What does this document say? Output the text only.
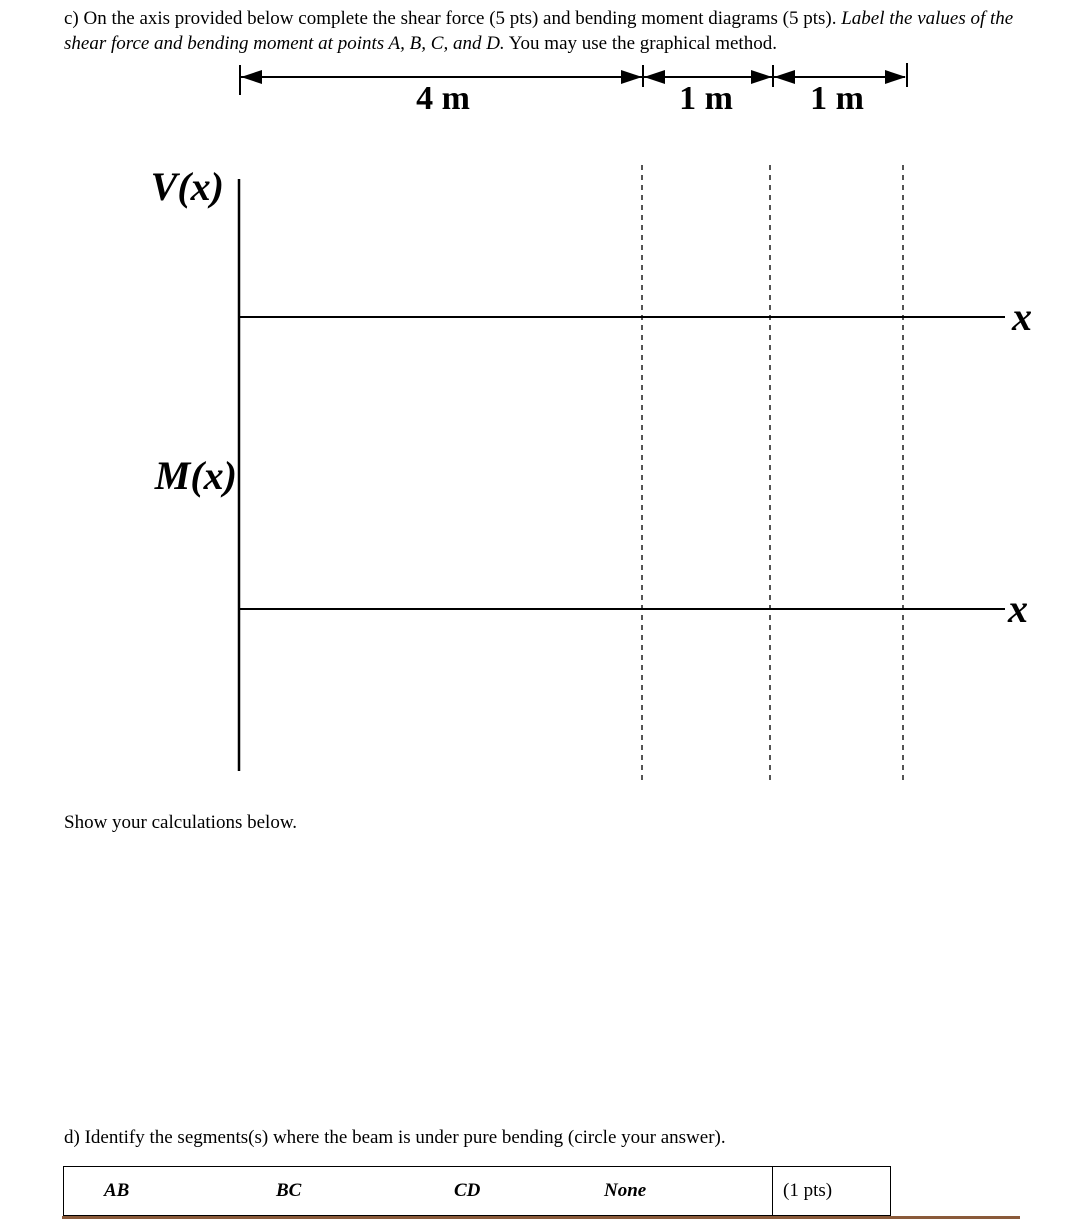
c) On the axis provided below complete the shear force (5 pts) and bending moment diagrams (5 pts). Label the values of the shear force and bending moment at points A, B, C, and D. You may use the graphical method.
4 m	1 m 1 m
V(x)
M(x)
x
x
Show your calculations below.
d) Identify the segments(s) where the beam is under pure bending (circle your answer).
AB	BC	CD	None	(1 pts)
